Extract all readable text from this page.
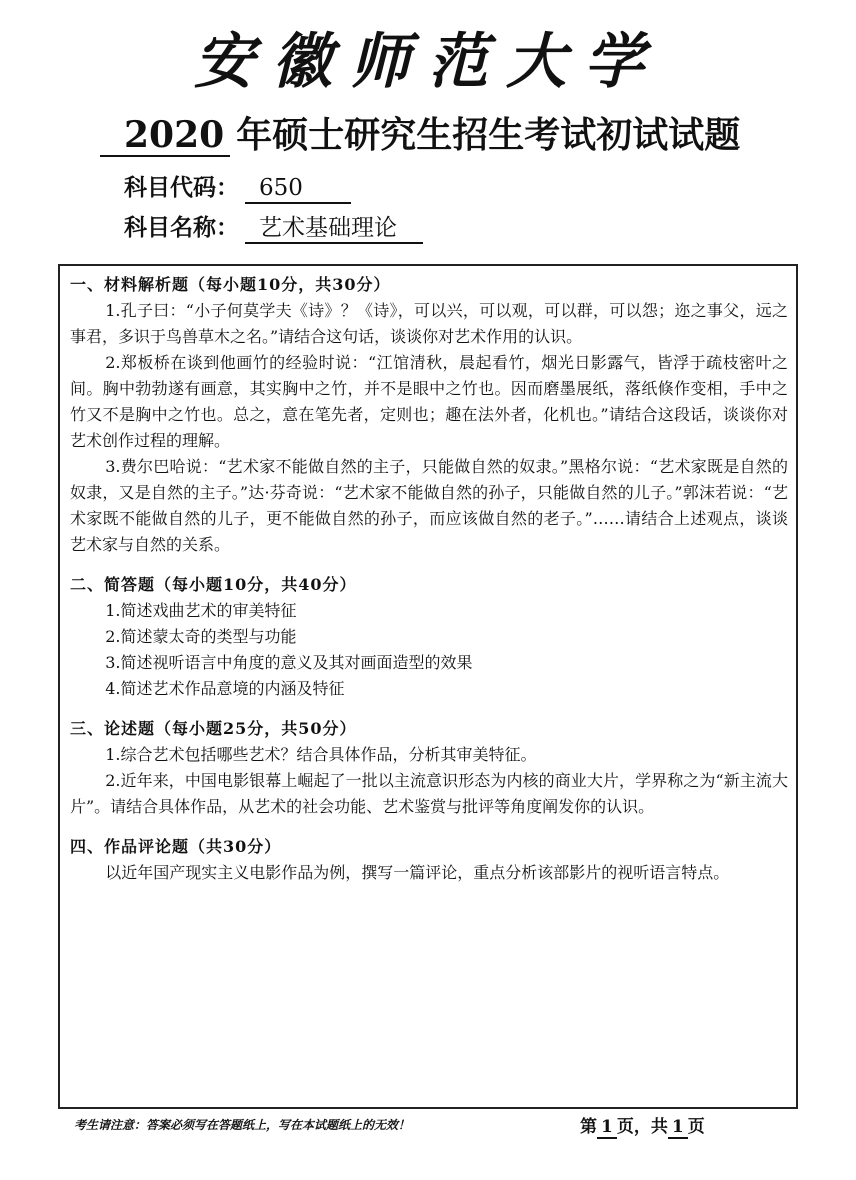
安徽师范大学
2020 年硕士研究生招生考试初试试题
科目代码： 650
科目名称： 艺术基础理论

一、材料解析题（每小题10分，共30分）

1.孔子曰：“小子何莫学夫《诗》？《诗》，可以兴，可以观，可以群，可以怨；迩之事父，远之事君，多识于鸟兽草木之名。”请结合这句话，谈谈你对艺术作用的认识。

2.郑板桥在谈到他画竹的经验时说：“江馆清秋，晨起看竹，烟光日影露气，皆浮于疏枝密叶之间。胸中勃勃遂有画意，其实胸中之竹，并不是眼中之竹也。因而磨墨展纸，落纸倏作变相，手中之竹又不是胸中之竹也。总之，意在笔先者，定则也；趣在法外者，化机也。”请结合这段话，谈谈你对艺术创作过程的理解。

3.费尔巴哈说：“艺术家不能做自然的主子，只能做自然的奴隶。”黑格尔说：“艺术家既是自然的奴隶，又是自然的主子。”达·芬奇说：“艺术家不能做自然的孙子，只能做自然的儿子。”郭沫若说：“艺术家既不能做自然的儿子，更不能做自然的孙子，而应该做自然的老子。”……请结合上述观点，谈谈艺术家与自然的关系。

二、简答题（每小题10分，共40分）

1.简述戏曲艺术的审美特征

2.简述蒙太奇的类型与功能

3.简述视听语言中角度的意义及其对画面造型的效果

4.简述艺术作品意境的内涵及特征

三、论述题（每小题25分，共50分）

1.综合艺术包括哪些艺术？结合具体作品，分析其审美特征。

2.近年来，中国电影银幕上崛起了一批以主流意识形态为内核的商业大片，学界称之为“新主流大片”。请结合具体作品，从艺术的社会功能、艺术鉴赏与批评等角度阐发你的认识。

四、作品评论题（共30分）

以近年国产现实主义电影作品为例，撰写一篇评论，重点分析该部影片的视听语言特点。

考生请注意：答案必须写在答题纸上，写在本试题纸上的无效！	第 1 页，共 1 页
